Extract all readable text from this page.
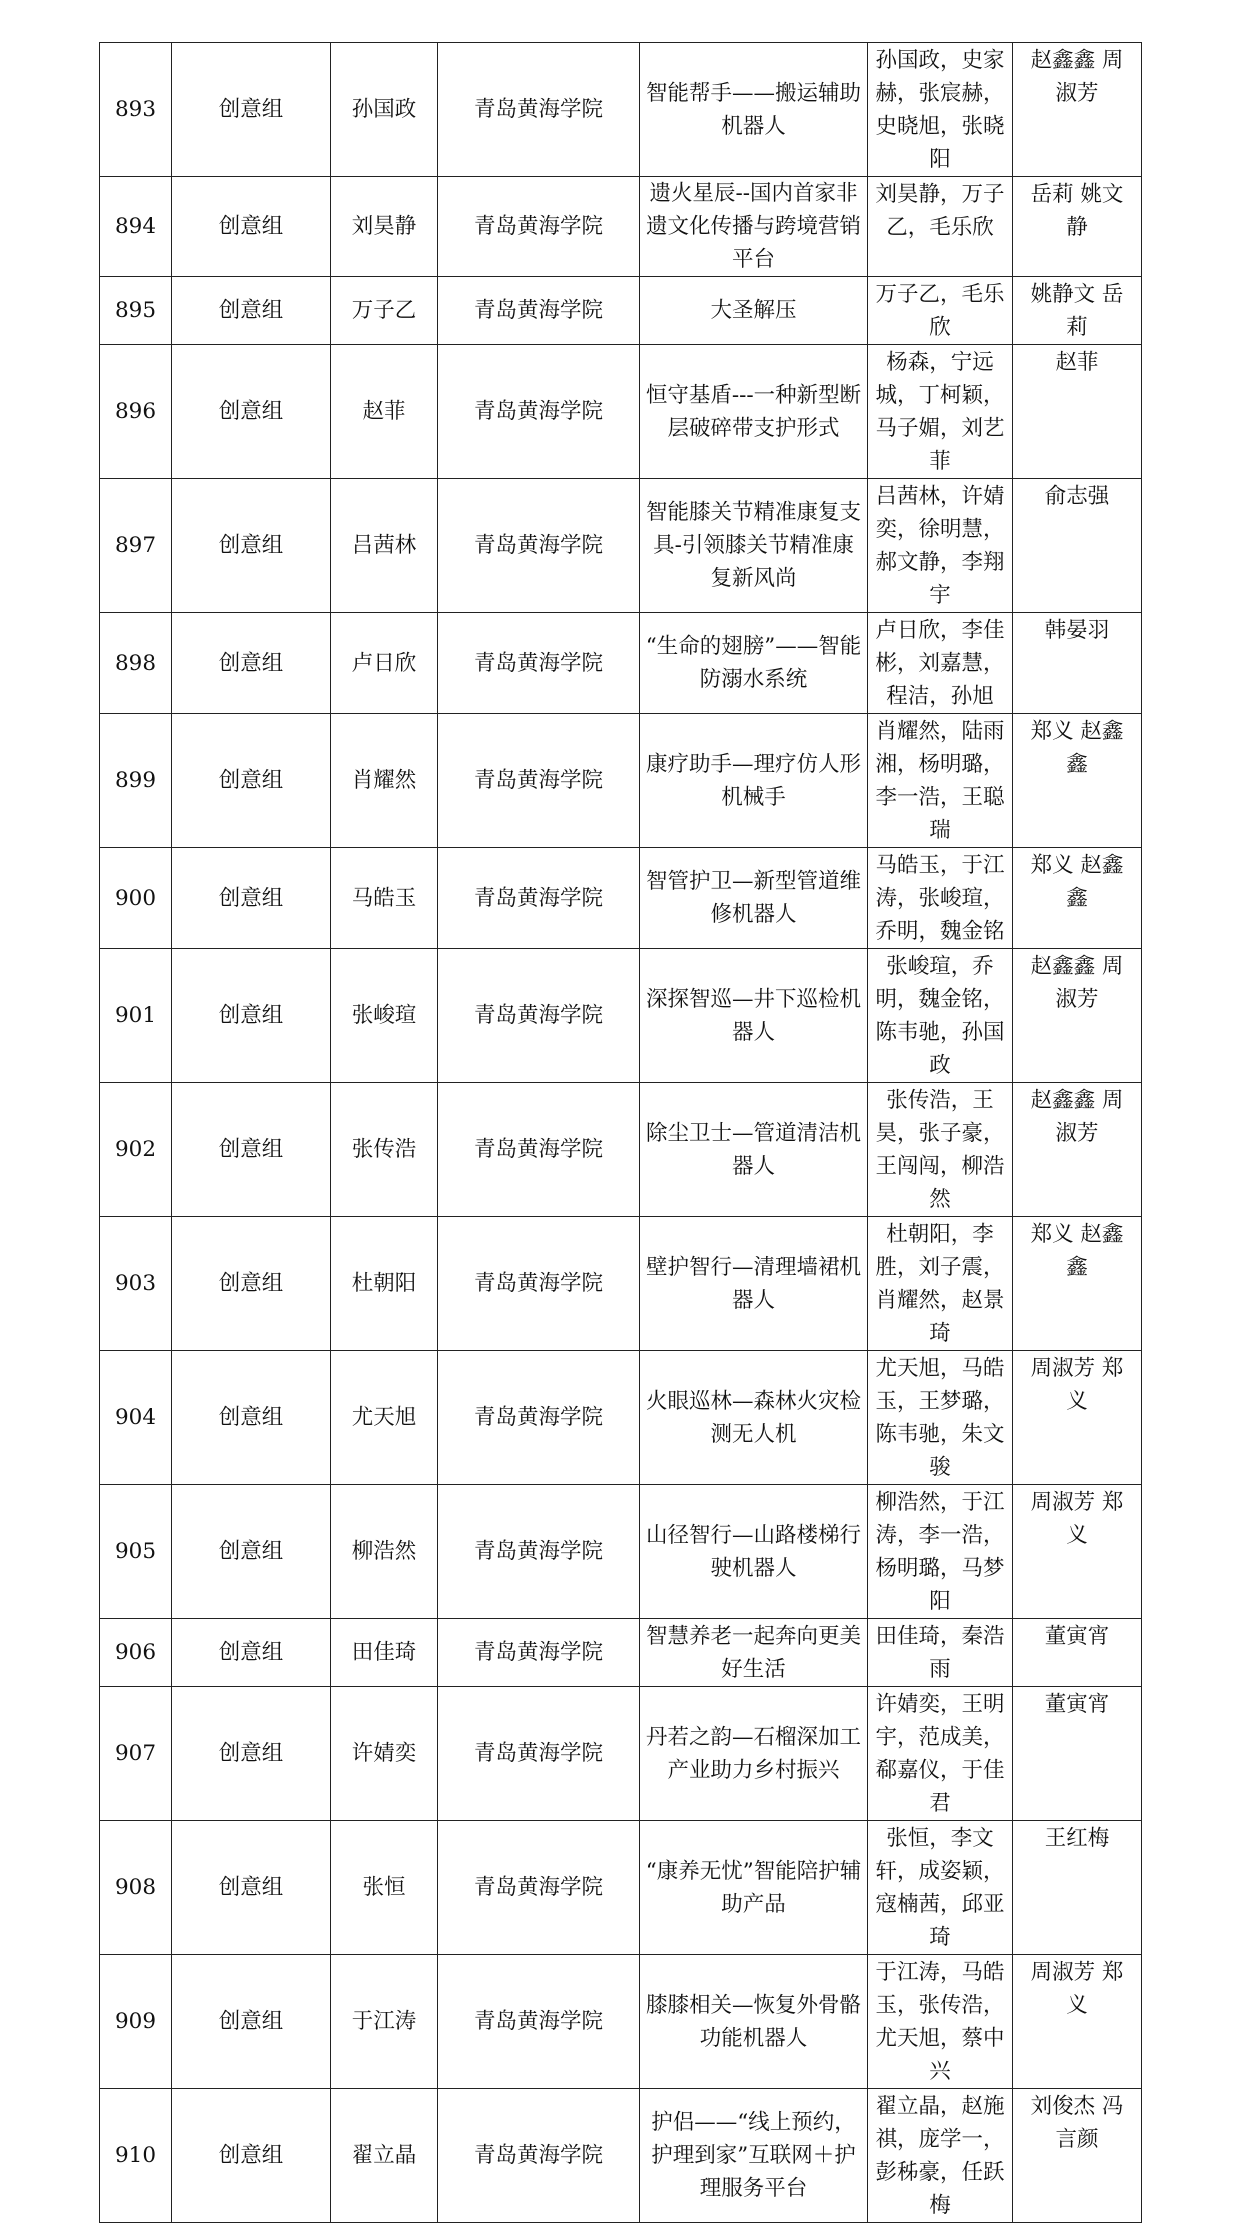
893	创意组	孙国政	青岛黄海学院	智能帮手——搬运辅助机器人	孙国政，史家赫，张宸赫，史晓旭，张晓阳	赵鑫鑫 周淑芳
894	创意组	刘昊静	青岛黄海学院	遗火星辰--国内首家非遗文化传播与跨境营销平台	刘昊静，万子乙，毛乐欣	岳莉 姚文静
895	创意组	万子乙	青岛黄海学院	大圣解压	万子乙，毛乐欣	姚静文 岳莉
896	创意组	赵菲	青岛黄海学院	恒守基盾---一种新型断层破碎带支护形式	杨森，宁远城，丁柯颖，马子媚，刘艺菲	赵菲
897	创意组	吕茜林	青岛黄海学院	智能膝关节精准康复支具-引领膝关节精准康复新风尚	吕茜林，许婧奕，徐明慧，郝文静，李翔宇	俞志强
898	创意组	卢日欣	青岛黄海学院	“生命的翅膀”——智能防溺水系统	卢日欣，李佳彬，刘嘉慧，程洁，孙旭	韩晏羽
899	创意组	肖耀然	青岛黄海学院	康疗助手—理疗仿人形机械手	肖耀然，陆雨湘，杨明璐，李一浩，王聪瑞	郑义 赵鑫鑫
900	创意组	马皓玉	青岛黄海学院	智管护卫—新型管道维修机器人	马皓玉，于江涛，张峻瑄，乔明，魏金铭	郑义 赵鑫鑫
901	创意组	张峻瑄	青岛黄海学院	深探智巡—井下巡检机器人	张峻瑄，乔明，魏金铭，陈韦驰，孙国政	赵鑫鑫 周淑芳
902	创意组	张传浩	青岛黄海学院	除尘卫士—管道清洁机器人	张传浩，王昊，张子豪，王闯闯，柳浩然	赵鑫鑫 周淑芳
903	创意组	杜朝阳	青岛黄海学院	壁护智行—清理墙裙机器人	杜朝阳，李胜，刘子震，肖耀然，赵景琦	郑义 赵鑫鑫
904	创意组	尤天旭	青岛黄海学院	火眼巡林—森林火灾检测无人机	尤天旭，马皓玉，王梦璐，陈韦驰，朱文骏	周淑芳 郑义
905	创意组	柳浩然	青岛黄海学院	山径智行—山路楼梯行驶机器人	柳浩然，于江涛，李一浩，杨明璐，马梦阳	周淑芳 郑义
906	创意组	田佳琦	青岛黄海学院	智慧养老一起奔向更美好生活	田佳琦，秦浩雨	董寅宵
907	创意组	许婧奕	青岛黄海学院	丹若之韵—石榴深加工产业助力乡村振兴	许婧奕，王明宇，范成美，郗嘉仪，于佳君	董寅宵
908	创意组	张恒	青岛黄海学院	“康养无忧”智能陪护辅助产品	张恒，李文轩，成姿颖，寇楠茜，邱亚琦	王红梅
909	创意组	于江涛	青岛黄海学院	膝膝相关—恢复外骨骼功能机器人	于江涛，马皓玉，张传浩，尤天旭，蔡中兴	周淑芳 郑义
910	创意组	翟立晶	青岛黄海学院	护侣——“线上预约，护理到家”互联网＋护理服务平台	翟立晶，赵施祺，庞学一，彭秭豪，任跃梅	刘俊杰 冯言颜
